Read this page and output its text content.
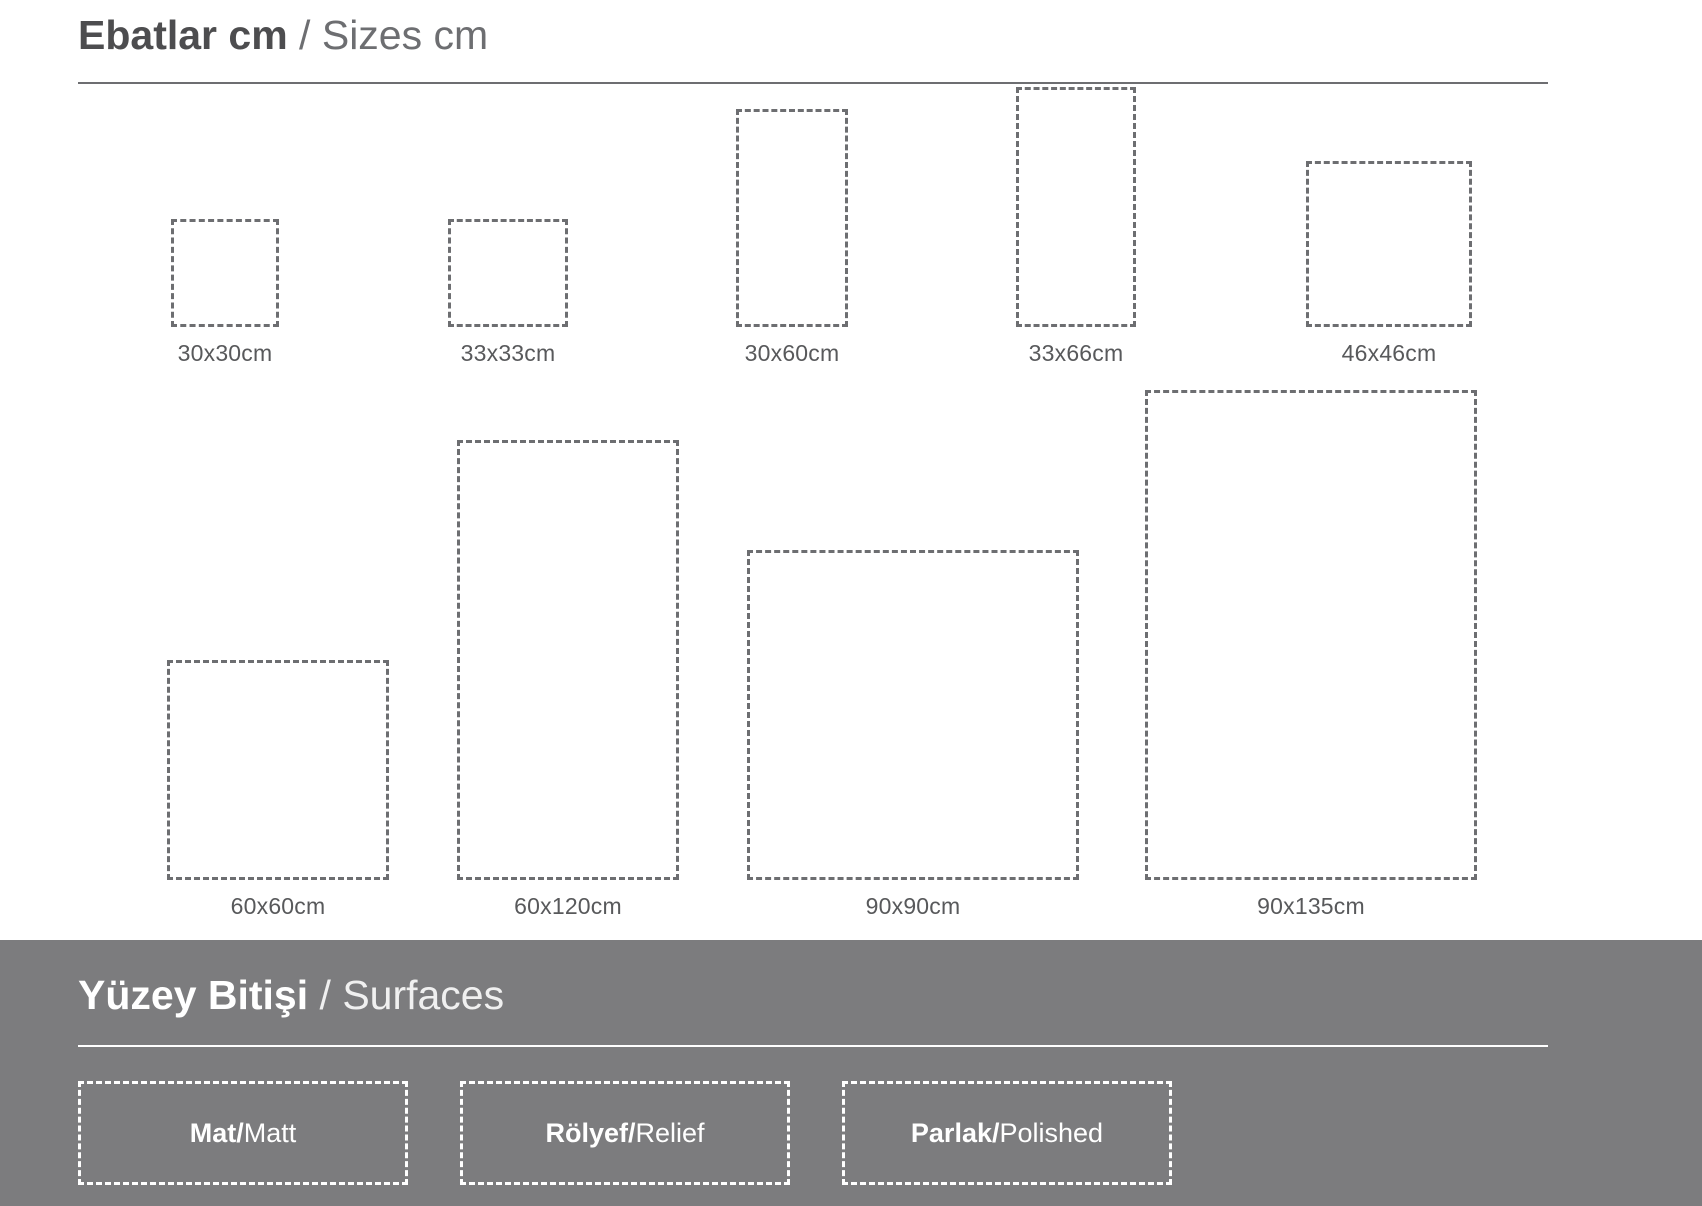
Ebatlar cm / Sizes cm
30x30cm	33x33cm	30x60cm	33x66cm	46x46cm
60x60cm	60x120cm	90x90cm	90x135cm
Yüzey Bitişi / Surfaces
Mat / Matt	Rölyef / Relief	Parlak / Polished
